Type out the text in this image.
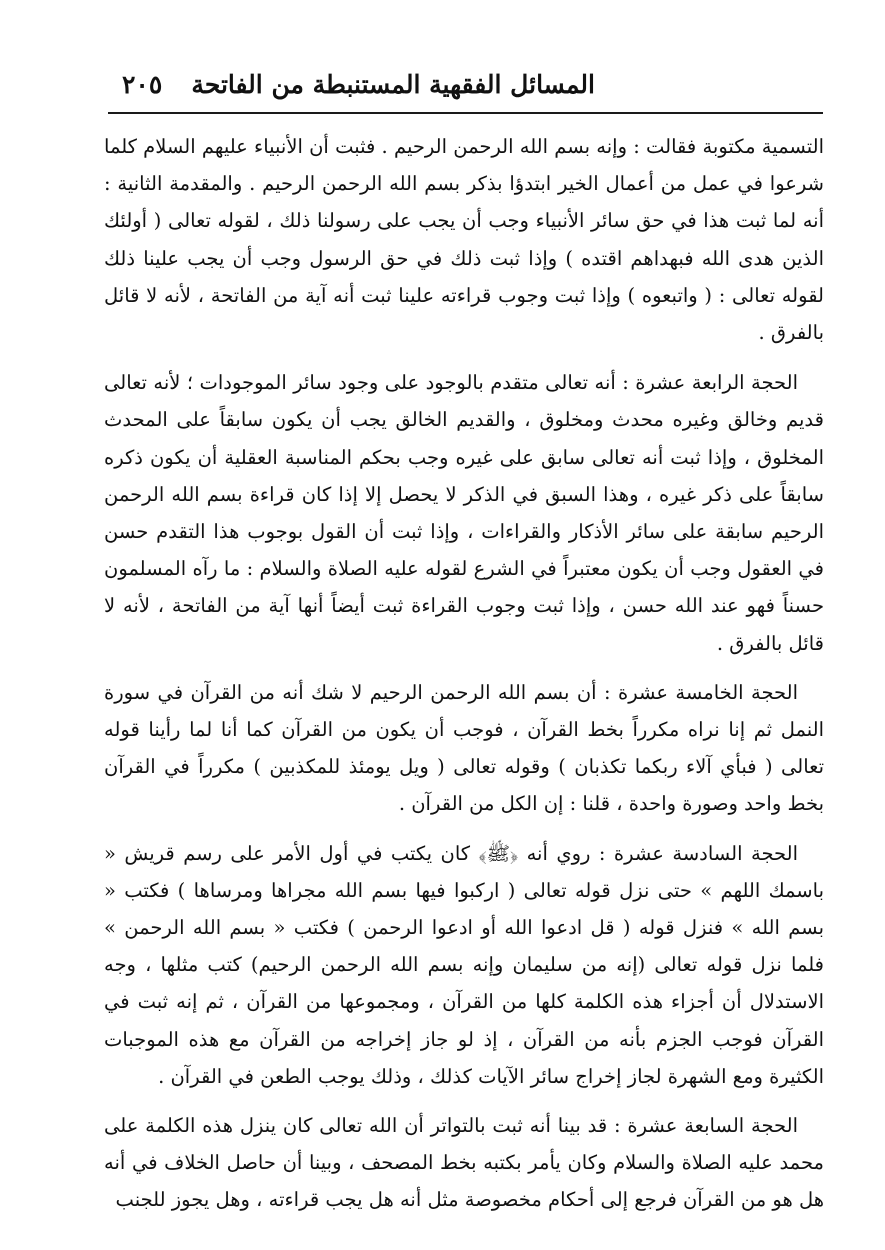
المسائل الفقهية المستنبطة من الفاتحة
٢٠٥

التسمية مكتوبة فقالت : وإنه بسم الله الرحمن الرحيم . فثبت أن الأنبياء عليهم السلام كلما شرعوا في عمل من أعمال الخير ابتدؤا بذكر بسم الله الرحمن الرحيم . والمقدمة الثانية : أنه لما ثبت هذا في حق سائر الأنبياء وجب أن يجب على رسولنا ذلك ، لقوله تعالى ( أولئك الذين هدى الله فبهداهم اقتده ) وإذا ثبت ذلك في حق الرسول وجب أن يجب علينا ذلك لقوله تعالى : ( واتبعوه ) وإذا ثبت وجوب قراءته علينا ثبت أنه آية من الفاتحة ، لأنه لا قائل بالفرق .

الحجة الرابعة عشرة : أنه تعالى متقدم بالوجود على وجود سائر الموجودات ؛ لأنه تعالى قديم وخالق وغيره محدث ومخلوق ، والقديم الخالق يجب أن يكون سابقاً على المحدث المخلوق ، وإذا ثبت أنه تعالى سابق على غيره وجب بحكم المناسبة العقلية أن يكون ذكره سابقاً على ذكر غيره ، وهذا السبق في الذكر لا يحصل إلا إذا كان قراءة بسم الله الرحمن الرحيم سابقة على سائر الأذكار والقراءات ، وإذا ثبت أن القول بوجوب هذا التقدم حسن في العقول وجب أن يكون معتبراً في الشرع لقوله عليه الصلاة والسلام : ما رآه المسلمون حسناً فهو عند الله حسن ، وإذا ثبت وجوب القراءة ثبت أيضاً أنها آية من الفاتحة ، لأنه لا قائل بالفرق .

الحجة الخامسة عشرة : أن بسم الله الرحمن الرحيم لا شك أنه من القرآن في سورة النمل ثم إنا نراه مكرراً بخط القرآن ، فوجب أن يكون من القرآن كما أنا لما رأينا قوله تعالى ( فبأي آلاء ربكما تكذبان ) وقوله تعالى ( ويل يومئذ للمكذبين ) مكرراً في القرآن بخط واحد وصورة واحدة ، قلنا : إن الكل من القرآن .

الحجة السادسة عشرة : روي أنه ﴿ﷺ﴾ كان يكتب في أول الأمر على رسم قريش « باسمك اللهم » حتى نزل قوله تعالى ( اركبوا فيها بسم الله مجراها ومرساها ) فكتب « بسم الله » فنزل قوله ( قل ادعوا الله أو ادعوا الرحمن ) فكتب « بسم الله الرحمن » فلما نزل قوله تعالى (إنه من سليمان وإنه بسم الله الرحمن الرحيم) كتب مثلها ، وجه الاستدلال أن أجزاء هذه الكلمة كلها من القرآن ، ومجموعها من القرآن ، ثم إنه ثبت في القرآن فوجب الجزم بأنه من القرآن ، إذ لو جاز إخراجه من القرآن مع هذه الموجبات الكثيرة ومع الشهرة لجاز إخراج سائر الآيات كذلك ، وذلك يوجب الطعن في القرآن .

الحجة السابعة عشرة : قد بينا أنه ثبت بالتواتر أن الله تعالى كان ينزل هذه الكلمة على محمد عليه الصلاة والسلام وكان يأمر بكتبه بخط المصحف ، وبينا أن حاصل الخلاف في أنه هل هو من القرآن فرجع إلى أحكام مخصوصة مثل أنه هل يجب قراءته ، وهل يجوز للجنب
